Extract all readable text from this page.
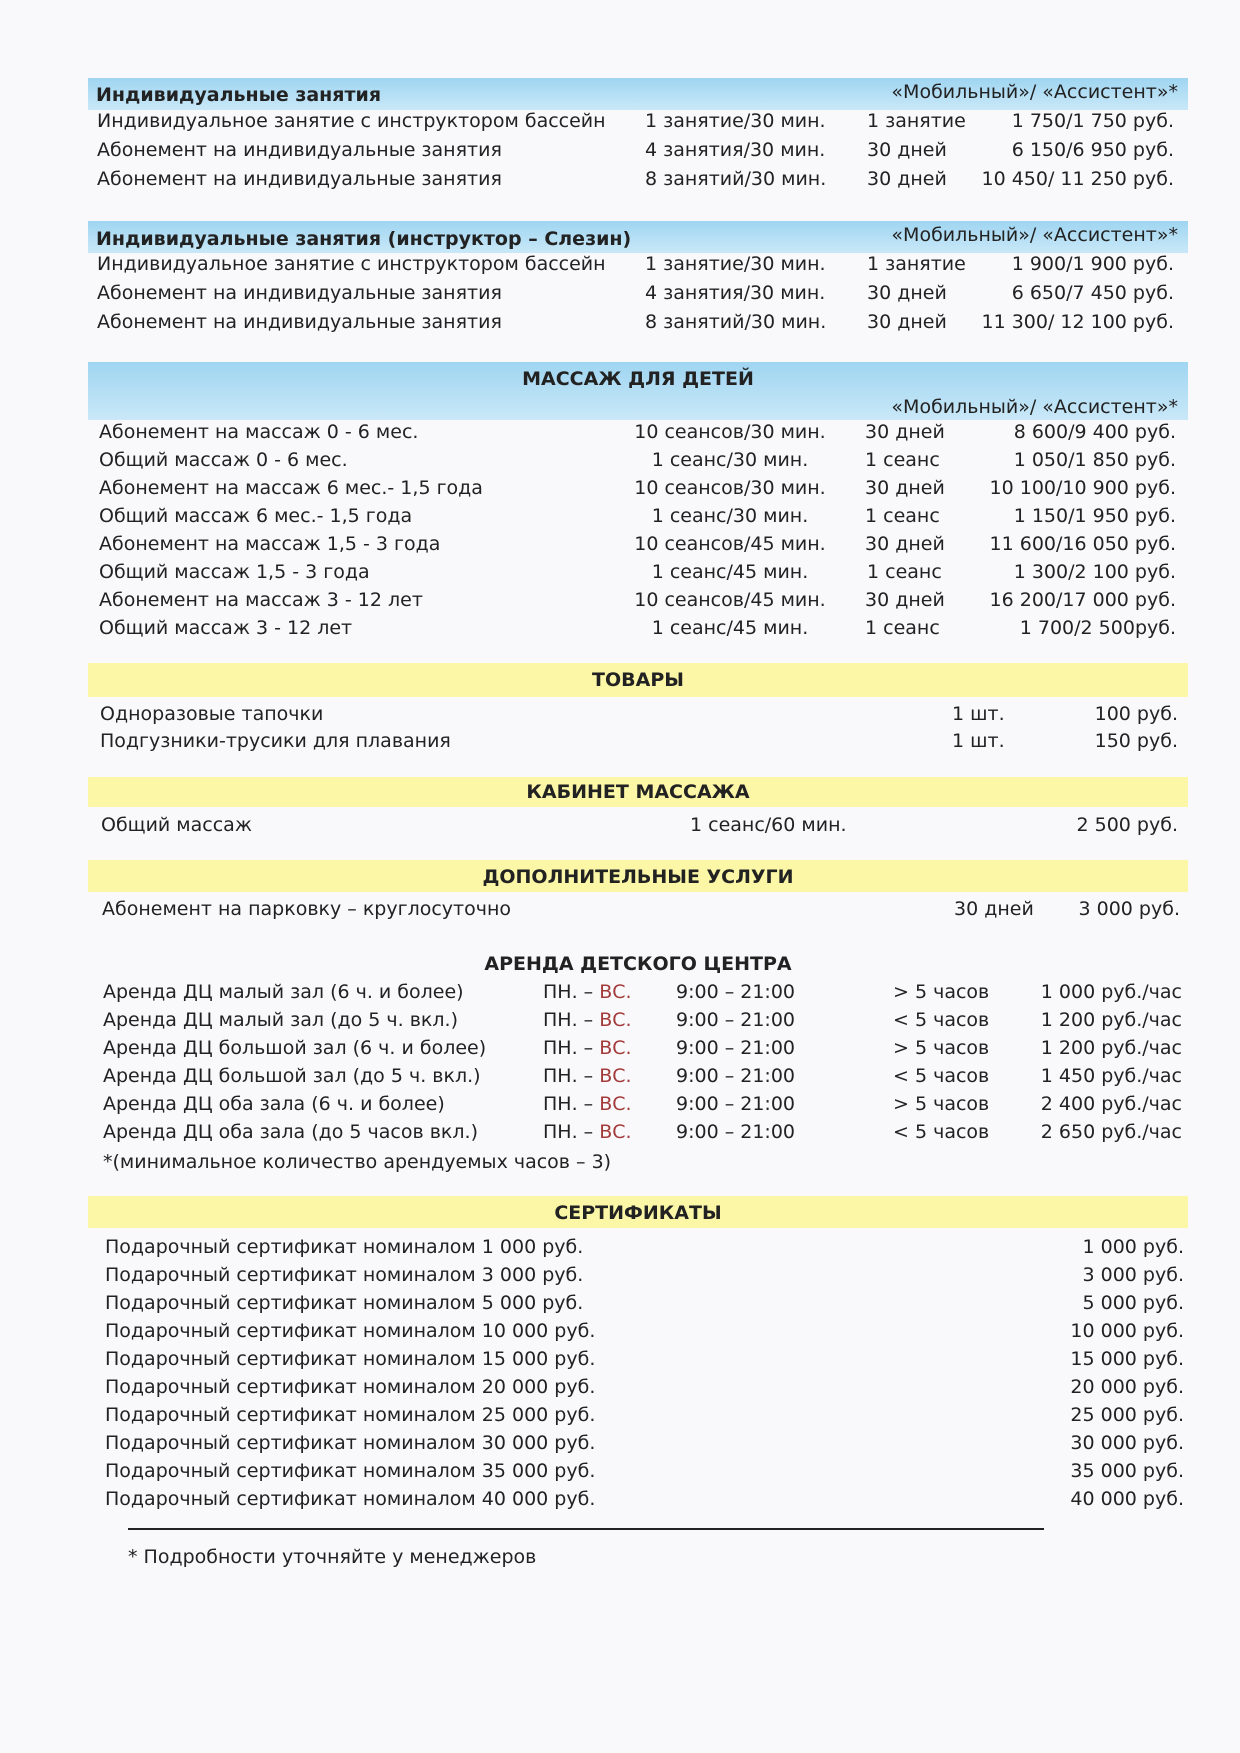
Индивидуальные занятия	«Мобильный»/ «Ассистент»*
Индивидуальное занятие с инструктором бассейн 1 занятие/30 мин. 1 занятие 1 750/1 750 руб.
Абонемент на индивидуальные занятия	4 занятия/30 мин. 30 дней	6 150/6 950 руб.
Абонемент на индивидуальные занятия	8 занятий/30 мин. 30 дней 10 450/ 11 250 руб.
Индивидуальные занятия (инструктор – Слезин)	«Мобильный»/ «Ассистент»*
Индивидуальное занятие с инструктором бассейн 1 занятие/30 мин. 1 занятие 1 900/1 900 руб.
Абонемент на индивидуальные занятия	4 занятия/30 мин. 30 дней	6 650/7 450 руб.
Абонемент на индивидуальные занятия	8 занятий/30 мин. 30 дней 11 300/ 12 100 руб.
МАССАЖ ДЛЯ ДЕТЕЙ
«Мобильный»/ «Ассистент»*
Абонемент на массаж 0 - 6 мес.	10 сеансов/30 мин.	30 дней	8 600/9 400 руб.
Общий массаж 0 - 6 мес.	1 сеанс/30 мин.	1 сеанс	1 050/1 850 руб.
Абонемент на массаж 6 мес.- 1,5 года	10 сеансов/30 мин.	30 дней 10 100/10 900 руб.
Общий массаж 6 мес.- 1,5 года	1 сеанс/30 мин.	1 сеанс	1 150/1 950 руб.
Абонемент на массаж 1,5 - 3 года	10 сеансов/45 мин.	30 дней 11 600/16 050 руб.
Общий массаж 1,5 - 3 года	1 сеанс/45 мин.	1 сеанс	1 300/2 100 руб.
Абонемент на массаж 3 - 12 лет	10 сеансов/45 мин.	30 дней 16 200/17 000 руб.
Общий массаж 3 - 12 лет	1 сеанс/45 мин.	1 сеанс	1 700/2 500руб.
ТОВАРЫ
Одноразовые тапочки	1 шт.	100 руб.
Подгузники-трусики для плавания	1 шт.	150 руб.
КАБИНЕТ МАССАЖА
Общий массаж	1 сеанс/60 мин.	2 500 руб.
ДОПОЛНИТЕЛЬНЫЕ УСЛУГИ
Абонемент на парковку – круглосуточно	30 дней 3 000 руб.
АРЕНДА ДЕТСКОГО ЦЕНТРА
Аренда ДЦ малый зал (6 ч. и более)	ПН. – ВС. 9:00 – 21:00	> 5 часов	1 000 руб./час
Аренда ДЦ малый зал (до 5 ч. вкл.)	ПН. – ВС. 9:00 – 21:00	< 5 часов	1 200 руб./час
Аренда ДЦ большой зал (6 ч. и более)	ПН. – ВС. 9:00 – 21:00	> 5 часов	1 200 руб./час
Аренда ДЦ большой зал (до 5 ч. вкл.)	ПН. – ВС. 9:00 – 21:00	< 5 часов	1 450 руб./час
Аренда ДЦ оба зала (6 ч. и более)	ПН. – ВС. 9:00 – 21:00	> 5 часов	2 400 руб./час
Аренда ДЦ оба зала (до 5 часов вкл.)	ПН. – ВС. 9:00 – 21:00	< 5 часов	2 650 руб./час
*(минимальное количество арендуемых часов – 3)
СЕРТИФИКАТЫ
Подарочный сертификат номиналом 1 000 руб.	1 000 руб.
Подарочный сертификат номиналом 3 000 руб.	3 000 руб.
Подарочный сертификат номиналом 5 000 руб.	5 000 руб.
Подарочный сертификат номиналом 10 000 руб.	10 000 руб.
Подарочный сертификат номиналом 15 000 руб.	15 000 руб.
Подарочный сертификат номиналом 20 000 руб.	20 000 руб.
Подарочный сертификат номиналом 25 000 руб.	25 000 руб.
Подарочный сертификат номиналом 30 000 руб.	30 000 руб.
Подарочный сертификат номиналом 35 000 руб.	35 000 руб.
Подарочный сертификат номиналом 40 000 руб.	40 000 руб.
* Подробности уточняйте у менеджеров
